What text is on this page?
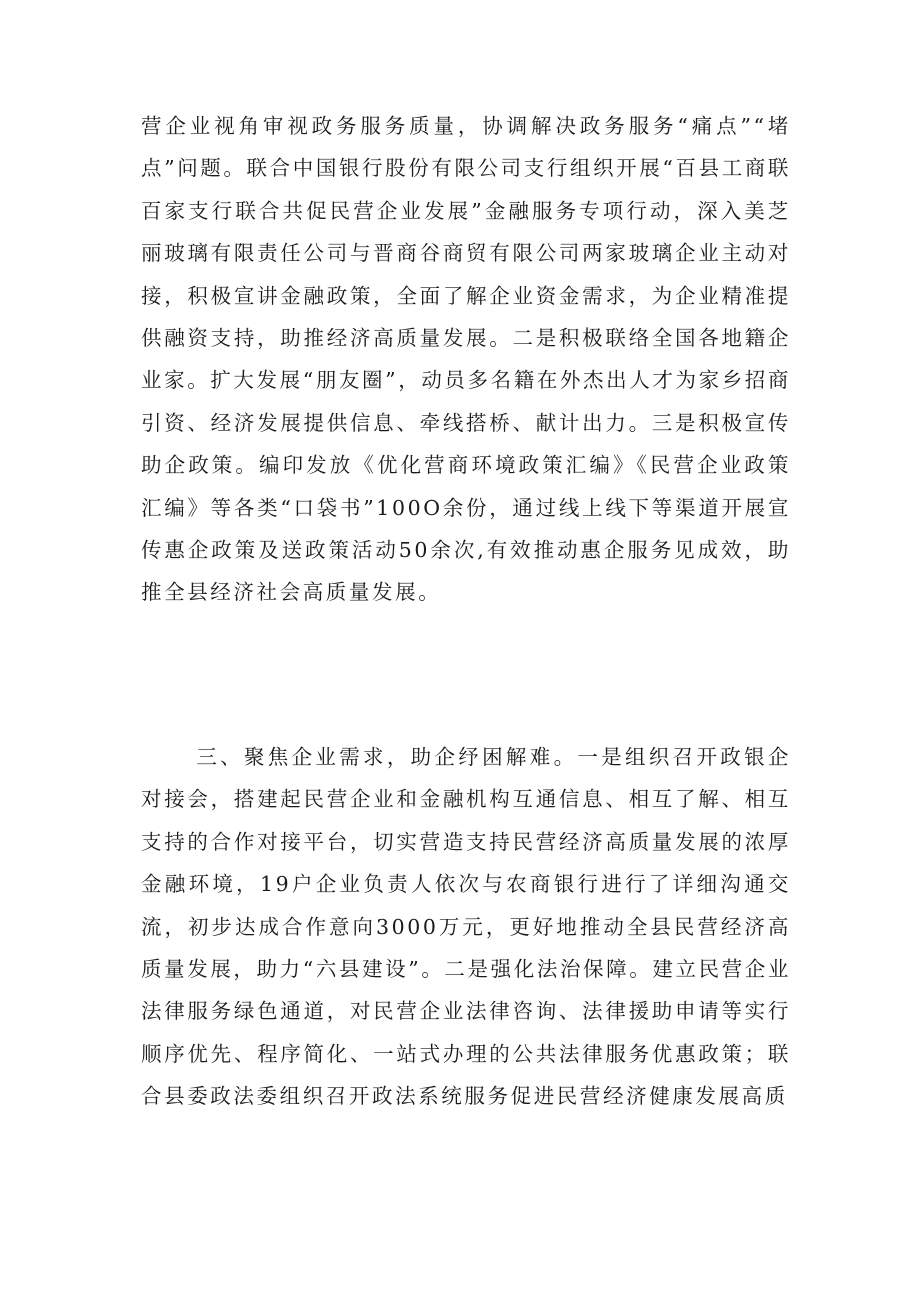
营企业视角审视政务服务质量，协调解决政务服务“痛点”“堵点”问题。联合中国银行股份有限公司支行组织开展“百县工商联百家支行联合共促民营企业发展”金融服务专项行动，深入美芝丽玻璃有限责任公司与晋商谷商贸有限公司两家玻璃企业主动对接，积极宣讲金融政策，全面了解企业资金需求，为企业精准提供融资支持，助推经济高质量发展。二是积极联络全国各地籍企业家。扩大发展“朋友圈”，动员多名籍在外杰出人才为家乡招商引资、经济发展提供信息、牵线搭桥、献计出力。三是积极宣传助企政策。编印发放《优化营商环境政策汇编》《民营企业政策汇编》等各类“口袋书”100O余份，通过线上线下等渠道开展宣传惠企政策及送政策活动50余次,有效推动惠企服务见成效，助推全县经济社会高质量发展。

三、聚焦企业需求，助企纾困解难。一是组织召开政银企对接会，搭建起民营企业和金融机构互通信息、相互了解、相互支持的合作对接平台，切实营造支持民营经济高质量发展的浓厚金融环境，19户企业负责人依次与农商银行进行了详细沟通交流，初步达成合作意向3000万元，更好地推动全县民营经济高质量发展，助力“六县建设”。二是强化法治保障。建立民营企业法律服务绿色通道，对民营企业法律咨询、法律援助申请等实行顺序优先、程序简化、一站式办理的公共法律服务优惠政策；联合县委政法委组织召开政法系统服务促进民营经济健康发展高质
